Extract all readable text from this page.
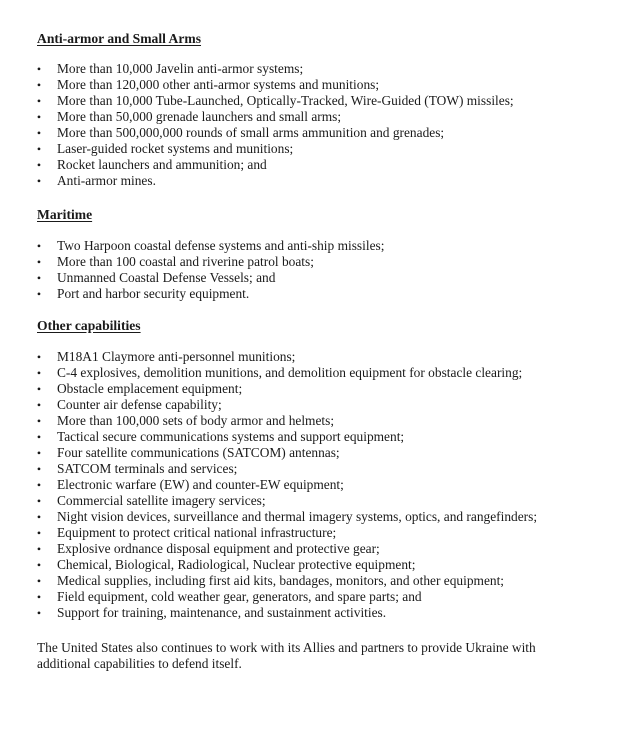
Anti-armor and Small Arms

• More than 10,000 Javelin anti-armor systems;
• More than 120,000 other anti-armor systems and munitions;
• More than 10,000 Tube-Launched, Optically-Tracked, Wire-Guided (TOW) missiles;
• More than 50,000 grenade launchers and small arms;
• More than 500,000,000 rounds of small arms ammunition and grenades;
• Laser-guided rocket systems and munitions;
• Rocket launchers and ammunition; and
• Anti-armor mines.

Maritime

• Two Harpoon coastal defense systems and anti-ship missiles;
• More than 100 coastal and riverine patrol boats;
• Unmanned Coastal Defense Vessels; and
• Port and harbor security equipment.

Other capabilities

• M18A1 Claymore anti-personnel munitions;
• C-4 explosives, demolition munitions, and demolition equipment for obstacle clearing;
• Obstacle emplacement equipment;
• Counter air defense capability;
• More than 100,000 sets of body armor and helmets;
• Tactical secure communications systems and support equipment;
• Four satellite communications (SATCOM) antennas;
• SATCOM terminals and services;
• Electronic warfare (EW) and counter-EW equipment;
• Commercial satellite imagery services;
• Night vision devices, surveillance and thermal imagery systems, optics, and rangefinders;
• Equipment to protect critical national infrastructure;
• Explosive ordnance disposal equipment and protective gear;
• Chemical, Biological, Radiological, Nuclear protective equipment;
• Medical supplies, including first aid kits, bandages, monitors, and other equipment;
• Field equipment, cold weather gear, generators, and spare parts; and
• Support for training, maintenance, and sustainment activities.

The United States also continues to work with its Allies and partners to provide Ukraine with additional capabilities to defend itself.
